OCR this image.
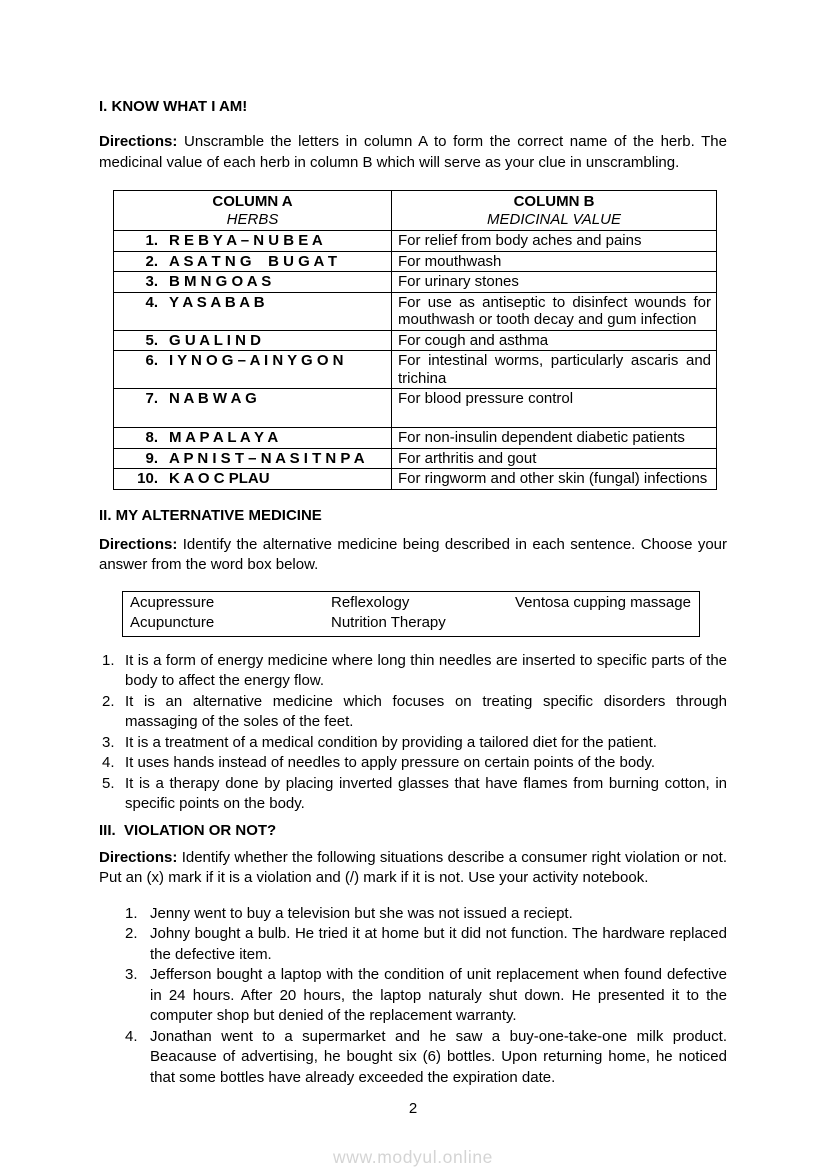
I. KNOW WHAT I AM!

Directions: Unscramble the letters in column A to form the correct name of the herb. The medicinal value of each herb in column B which will serve as your clue in unscrambling.

COLUMN A
HERBS

COLUMN B
MEDICINAL VALUE

1. R E B Y A – N U B E A	For relief from body aches and pains
2. A S A T N G    B U G A T	For mouthwash
3. B M N G O A S	For urinary stones
4. Y A S A B A B	For use as antiseptic to disinfect wounds for mouthwash or tooth decay and gum infection
5. G U A L I N D	For cough and asthma
6. I Y N O G – A I N Y G O N	For intestinal worms, particularly ascaris and trichina
7. N A B W A G	For blood pressure control
8. M A P A L A Y A	For non-insulin dependent diabetic patients
9. A P N I S T – N A S I T N P A	For arthritis and gout
10. K A O C PLAU	For ringworm and other skin (fungal) infections
II. MY ALTERNATIVE MEDICINE

Directions: Identify the alternative medicine being described in each sentence. Choose your answer from the word box below.

Acupressure
Acupuncture
Reflexology
Nutrition Therapy
Ventosa cupping massage
1. It is a form of energy medicine where long thin needles are inserted to specific parts of the body to affect the energy flow.
2. It is an alternative medicine which focuses on treating specific disorders through massaging of the soles of the feet.
3. It is a treatment of a medical condition by providing a tailored diet for the patient.
4. It uses hands instead of needles to apply pressure on certain points of the body.
5. It is a therapy done by placing inverted glasses that have flames from burning cotton, in specific points on the body.
III.  VIOLATION OR NOT?

Directions: Identify whether the following situations describe a consumer right violation or not. Put an (x) mark if it is a violation and (/) mark if it is not. Use your activity notebook.

1. Jenny went to buy a television but she was not issued a reciept.
2. Johny bought a bulb. He tried it at home but it did not function. The hardware replaced the defective item.
3. Jefferson bought a laptop with the condition of unit replacement when found defective in 24 hours. After 20 hours, the laptop naturaly shut down. He presented it to the computer shop but denied of the replacement warranty.
4. Jonathan went to a supermarket and he saw a buy-one-take-one milk product. Beacause of advertising, he bought six (6) bottles. Upon returning home, he noticed that some bottles have already exceeded the expiration date.
2
www.modyul.online
